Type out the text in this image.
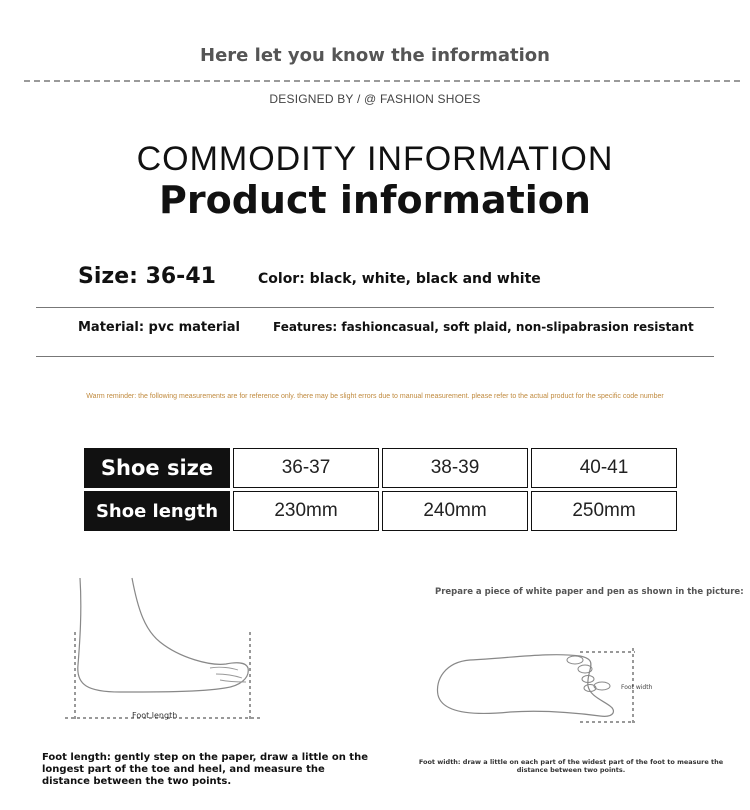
Here let you know the information
DESIGNED BY / @ FASHION SHOES
COMMODITY INFORMATION
Product information
Size: 36-41	Color: black, white, black and white
Material: pvc material	Features: fashioncasual, soft plaid, non-slipabrasion resistant
Warm reminder: the following measurements are for reference only. there may be slight errors due to manual measurement. please refer to the actual product for the specific code number
Shoe size	36-37	38-39	40-41
Shoe length	230mm	240mm	250mm
Foot length
Foot length: gently step on the paper, draw a little on the longest part of the toe and heel, and measure the distance between the two points.
Prepare a piece of white paper and pen as shown in the picture:
Foot width
Foot width: draw a little on each part of the widest part of the foot to measure the distance between two points.
